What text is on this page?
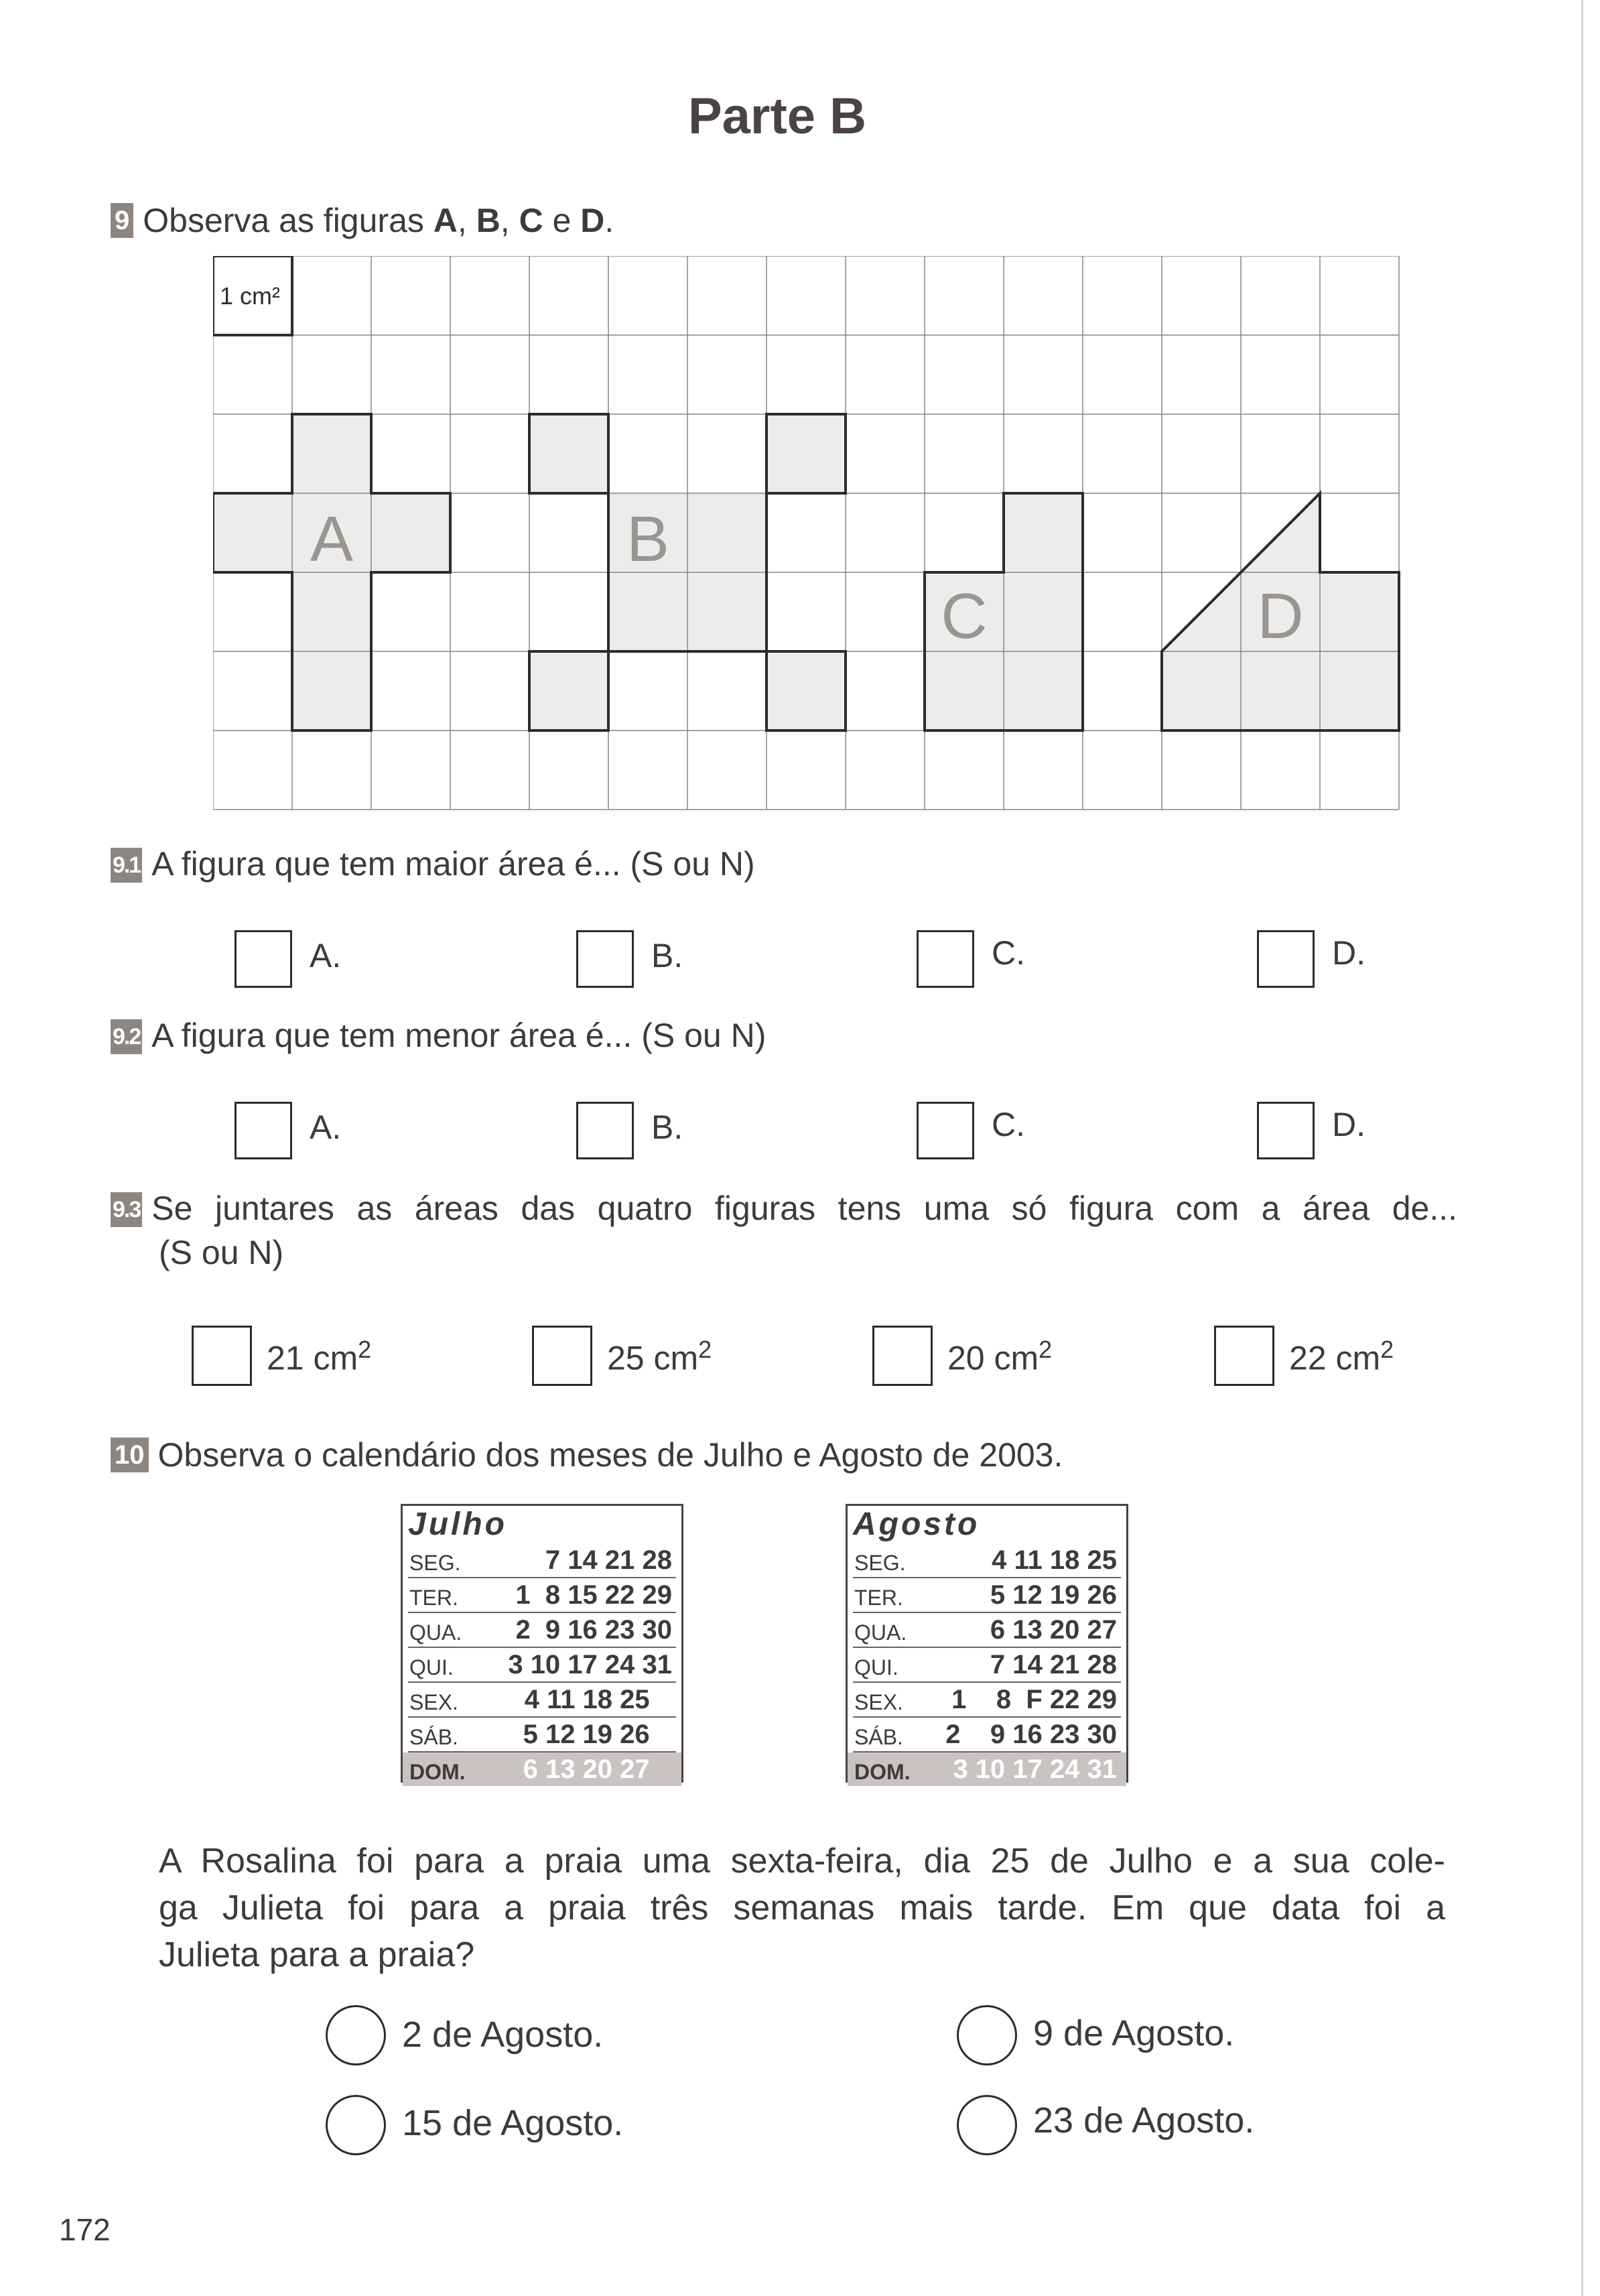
Parte B
9 Observa as figuras A, B, C e D.
1 cm²
A	B
C	D
9.1 A figura que tem maior área é... (S ou N)
A.	B.	C.	D.
9.2 A figura que tem menor área é... (S ou N)
A.	B.	C.	D.
9.3 Se juntares as áreas das quatro figuras tens uma só figura com a área de...
(S ou N)
21 $cm^2$	25 $cm^2$	20 $cm^2$	22 $cm^2$
10 Observa o calendário dos meses de Julho e Agosto de 2003.
Julho
SEG. 7 14 21 28
TER. 1  8 15 22 29
QUA. 2  9 16 23 30
QUI. 3 10 17 24 31
SEX. 4 11 18 25
SÁB. 5 12 19 26
DOM. 6 13 20 27
Agosto
SEG. 4 11 18 25
TER. 5 12 19 26
QUA. 6 13 20 27
QUI. 7 14 21 28
SEX. 1    8  F 22 29
SÁB. 2    9 16 23 30
DOM. 3 10 17 24 31
A Rosalina foi para a praia uma sexta-feira, dia 25 de Julho e a sua cole-
ga Julieta foi para a praia três semanas mais tarde. Em que data foi a
Julieta para a praia?
2 de Agosto.	9 de Agosto.
15 de Agosto.	23 de Agosto.
172
